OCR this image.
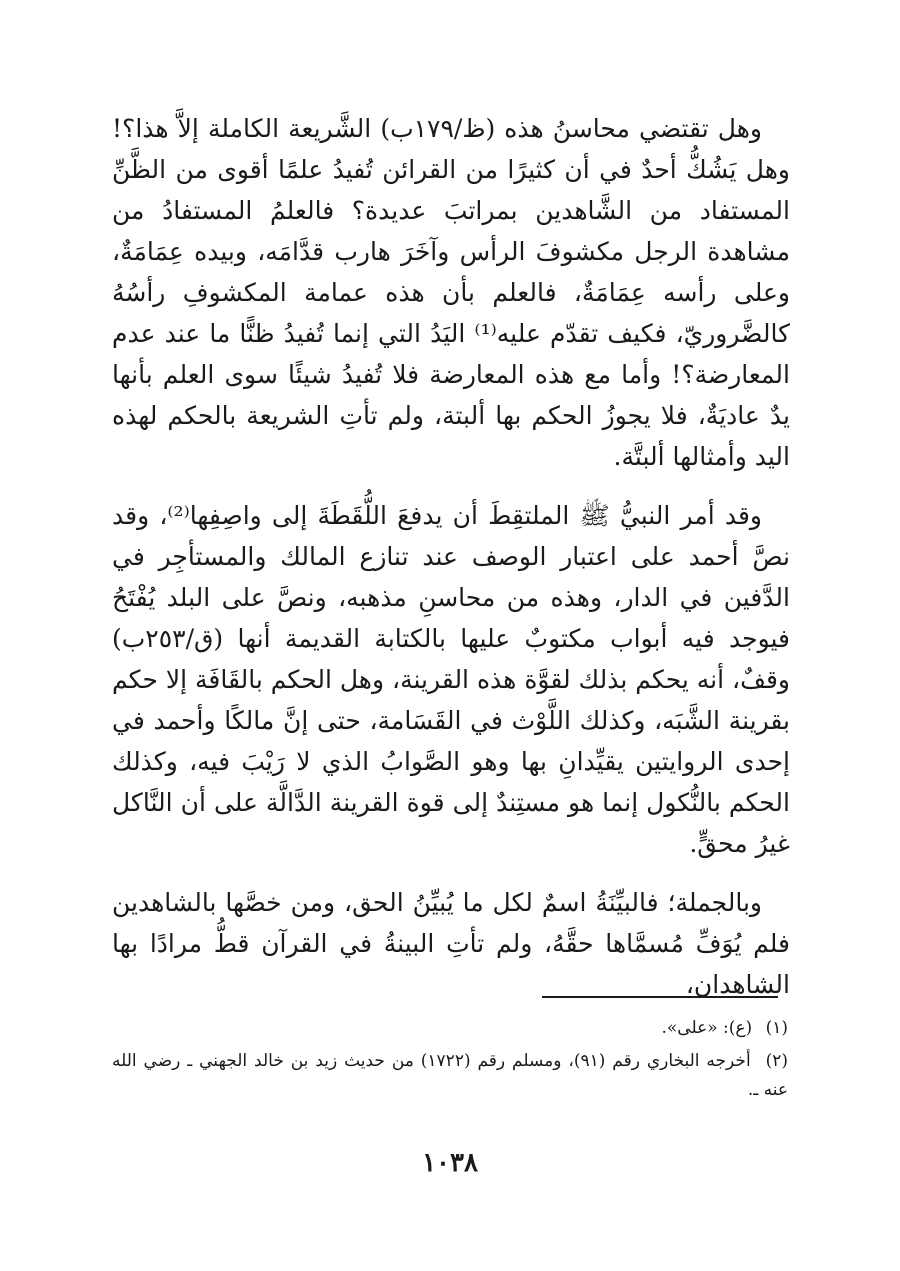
وهل تقتضي محاسنُ هذه (ظ/١٧٩ب) الشَّريعة الكاملة إلاَّ هذا؟! وهل يَشُكُّ أحدٌ في أن كثيرًا من القرائن تُفيدُ علمًا أقوى من الظَّنِّ المستفاد من الشَّاهدين بمراتبَ عديدة؟ فالعلمُ المستفادُ من مشاهدة الرجل مكشوفَ الرأس وآخَرَ هارب قدَّامَه، وبيده عِمَامَةٌ، وعلى رأسه عِمَامَةٌ، فالعلم بأن هذه عمامة المكشوفِ رأسُهُ كالضَّروريّ، فكيف تقدّم عليه⁽¹⁾ اليَدُ التي إنما تُفيدُ ظنًّا ما عند عدم المعارضة؟! وأما مع هذه المعارضة فلا تُفيدُ شيئًا سوى العلم بأنها يدٌ عاديَةٌ، فلا يجوزُ الحكم بها ألبتة، ولم تأتِ الشريعة بالحكم لهذه اليد وأمثالها ألبتَّة.

وقد أمر النبيُّ ﷺ الملتقِطَ أن يدفعَ اللُّقَطَةَ إلى واصِفِها⁽²⁾، وقد نصَّ أحمد على اعتبار الوصف عند تنازع المالك والمستأجِر في الدَّفين في الدار، وهذه من محاسنِ مذهبه، ونصَّ على البلد يُفْتَحُ فيوجد فيه أبواب مكتوبٌ عليها بالكتابة القديمة أنها (ق/٢٥٣ب) وقفٌ، أنه يحكم بذلك لقوَّة هذه القرينة، وهل الحكم بالقَافَة إلا حكم بقرينة الشَّبَه، وكذلك اللَّوْث في القَسَامة، حتى إنَّ مالكًا وأحمد في إحدى الروايتين يقيِّدانِ بها وهو الصَّوابُ الذي لا رَيْبَ فيه، وكذلك الحكم بالنُّكول إنما هو مستِندٌ إلى قوة القرينة الدَّالَّة على أن النَّاكل غيرُ محقٍّ.

وبالجملة؛ فالبيِّنَةُ اسمٌ لكل ما يُبيِّنُ الحق، ومن خصَّها بالشاهدين فلم يُوَفِّ مُسمَّاها حقَّهُ، ولم تأتِ البينةُ في القرآن قطُّ مرادًا بها الشاهدان،

(١) (ع): «على».

(٢) أخرجه البخاري رقم (٩١)، ومسلم رقم (١٧٢٢) من حديث زيد بن خالد الجهني ـ رضي الله عنه ـ.

١٠٣٨
